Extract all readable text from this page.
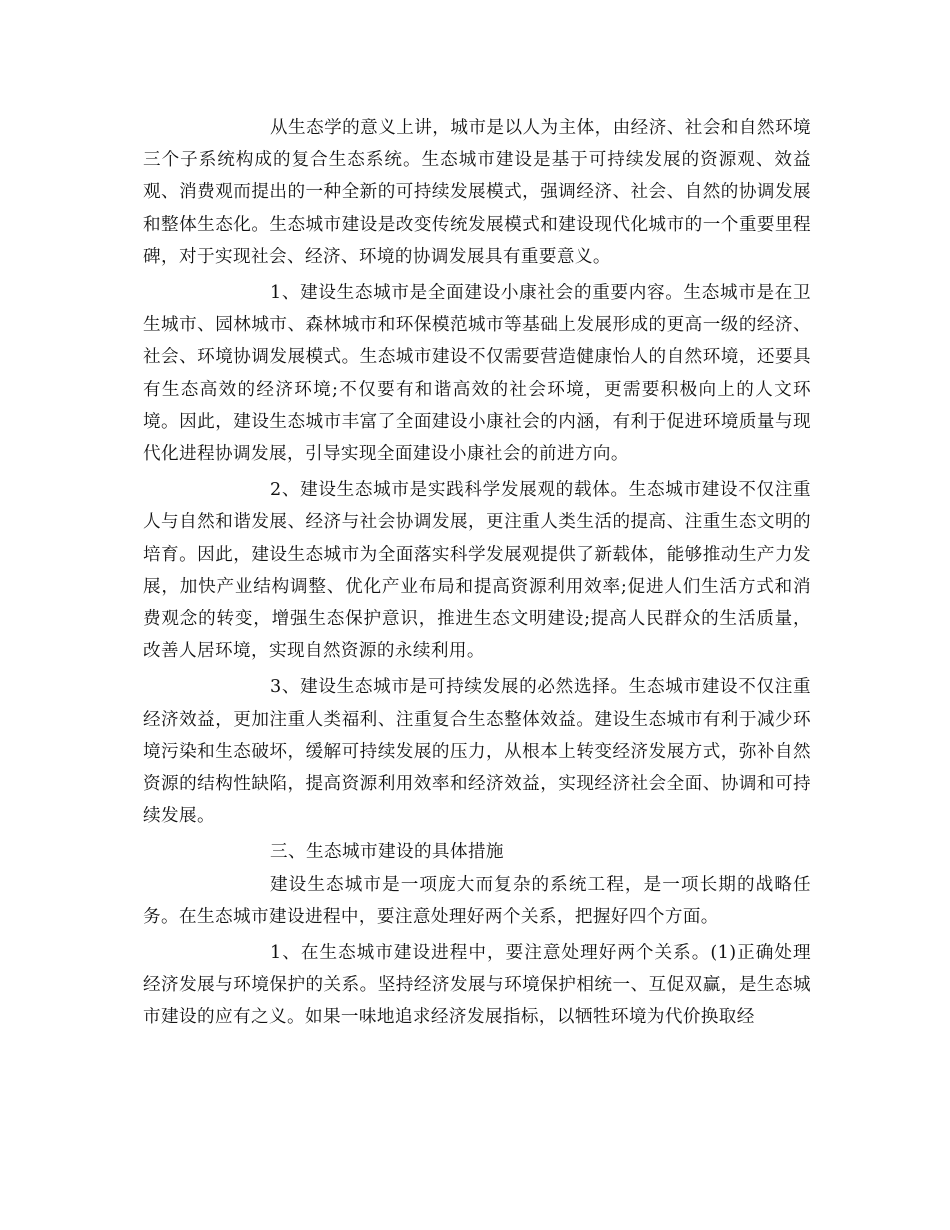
从生态学的意义上讲，城市是以人为主体，由经济、社会和自然环境三个子系统构成的复合生态系统。生态城市建设是基于可持续发展的资源观、效益观、消费观而提出的一种全新的可持续发展模式，强调经济、社会、自然的协调发展和整体生态化。生态城市建设是改变传统发展模式和建设现代化城市的一个重要里程碑，对于实现社会、经济、环境的协调发展具有重要意义。

1、建设生态城市是全面建设小康社会的重要内容。生态城市是在卫生城市、园林城市、森林城市和环保模范城市等基础上发展形成的更高一级的经济、社会、环境协调发展模式。生态城市建设不仅需要营造健康怡人的自然环境，还要具有生态高效的经济环境;不仅要有和谐高效的社会环境，更需要积极向上的人文环境。因此，建设生态城市丰富了全面建设小康社会的内涵，有利于促进环境质量与现代化进程协调发展，引导实现全面建设小康社会的前进方向。

2、建设生态城市是实践科学发展观的载体。生态城市建设不仅注重人与自然和谐发展、经济与社会协调发展，更注重人类生活的提高、注重生态文明的培育。因此，建设生态城市为全面落实科学发展观提供了新载体，能够推动生产力发展，加快产业结构调整、优化产业布局和提高资源利用效率;促进人们生活方式和消费观念的转变，增强生态保护意识，推进生态文明建设;提高人民群众的生活质量，改善人居环境，实现自然资源的永续利用。

3、建设生态城市是可持续发展的必然选择。生态城市建设不仅注重经济效益，更加注重人类福利、注重复合生态整体效益。建设生态城市有利于减少环境污染和生态破坏，缓解可持续发展的压力，从根本上转变经济发展方式，弥补自然资源的结构性缺陷，提高资源利用效率和经济效益，实现经济社会全面、协调和可持续发展。

三、生态城市建设的具体措施

建设生态城市是一项庞大而复杂的系统工程，是一项长期的战略任务。在生态城市建设进程中，要注意处理好两个关系，把握好四个方面。

1、在生态城市建设进程中，要注意处理好两个关系。(1)正确处理经济发展与环境保护的关系。坚持经济发展与环境保护相统一、互促双赢，是生态城市建设的应有之义。如果一味地追求经济发展指标，以牺牲环境为代价换取经
